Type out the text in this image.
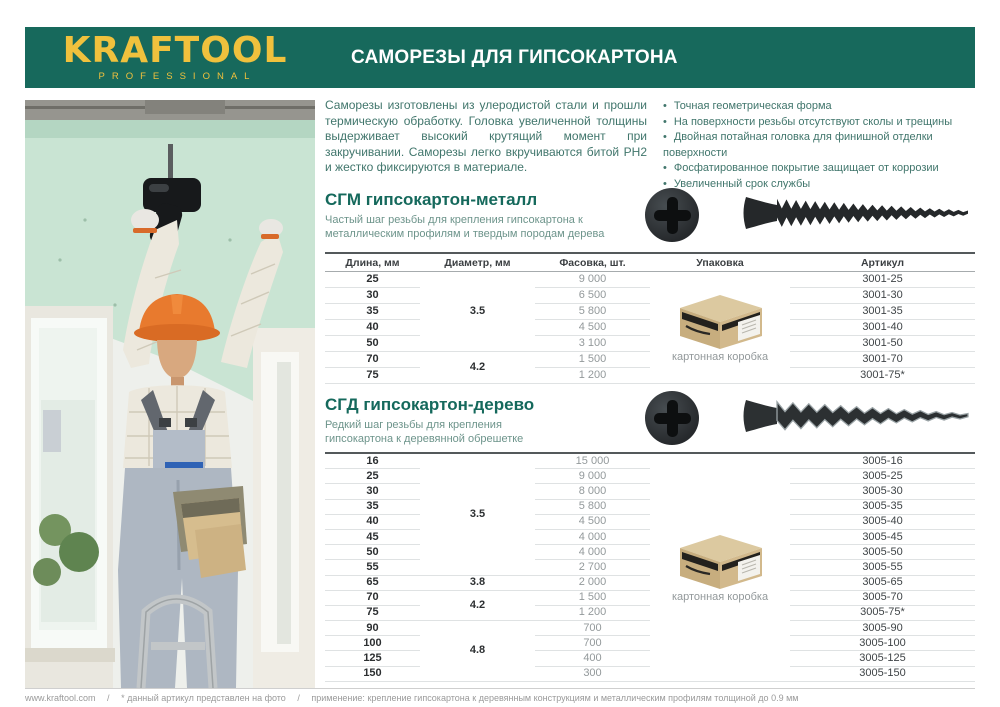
KRAFTOOL
PROFESSIONAL
САМОРЕЗЫ ДЛЯ ГИПСОКАРТОНА

Саморезы изготовлены из улеродистой стали и прошли термическую обработку. Головка увеличенной толщины выдерживает высокий крутящий момент при закручивании. Саморезы легко вкручиваются битой PH2 и жестко фиксируются в материале.

• Точная геометрическая форма
• На поверхности резьбы отсутствуют сколы и трещины
• Двойная потайная головка для финишной отделки поверхности
• Фосфатированное покрытие защищает от коррозии
• Увеличенный срок службы
СГМ гипсокартон-металл

Частый шаг резьбы для крепления гипсокартона к металлическим профилям и твердым породам дерева

Длина, мм	Диаметр, мм	Фасовка, шт.	Упаковка	Артикул
25	3.5	9 000	картонная коробка	3001-25
30		6 500		3001-30
35		5 800		3001-35
40		4 500		3001-40
50		3 100		3001-50
70	4.2	1 500		3001-70
75		1 200		3001-75*
СГД гипсокартон-дерево

Редкий шаг резьбы для крепления гипсокартона к деревянной обрешетке

16	3.5	15 000	картонная коробка	3005-16
25		9 000		3005-25
30		8 000		3005-30
35		5 800		3005-35
40		4 500		3005-40
45		4 000		3005-45
50		4 000		3005-50
55		2 700		3005-55
65	3.8	2 000		3005-65
70	4.2	1 500		3005-70
75		1 200		3005-75*
90	4.8	700		3005-90
100		700		3005-100
125		400		3005-125
150		300		3005-150
www.kraftool.com / * данный артикул представлен на фото / применение: крепление гипсокартона к деревянным конструкциям и металлическим профилям толщиной до 0.9 мм
